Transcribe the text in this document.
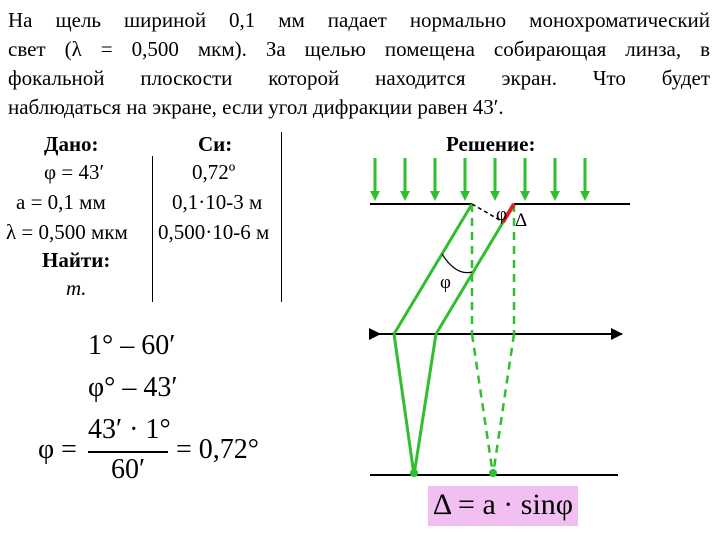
На щель шириной 0,1 мм падает нормально монохроматический
свет (λ = 0,500 мкм). За щелью помещена собирающая линза, в
фокальной плоскости которой находится экран. Что будет
наблюдаться на экране, если угол дифракции равен 43′.
Дано:	Си:
φ = 43′
a = 0,1 мм
λ = 0,500 мкм
Найти:
m.
0,72º
0,1·10-3 м
0,500·10-6 м
Решение:
1° – 60′
φ° – 43′
φ =
43′ · 1°
60′
= 0,72°
φ Δ
φ
Δ = a · sinφ
